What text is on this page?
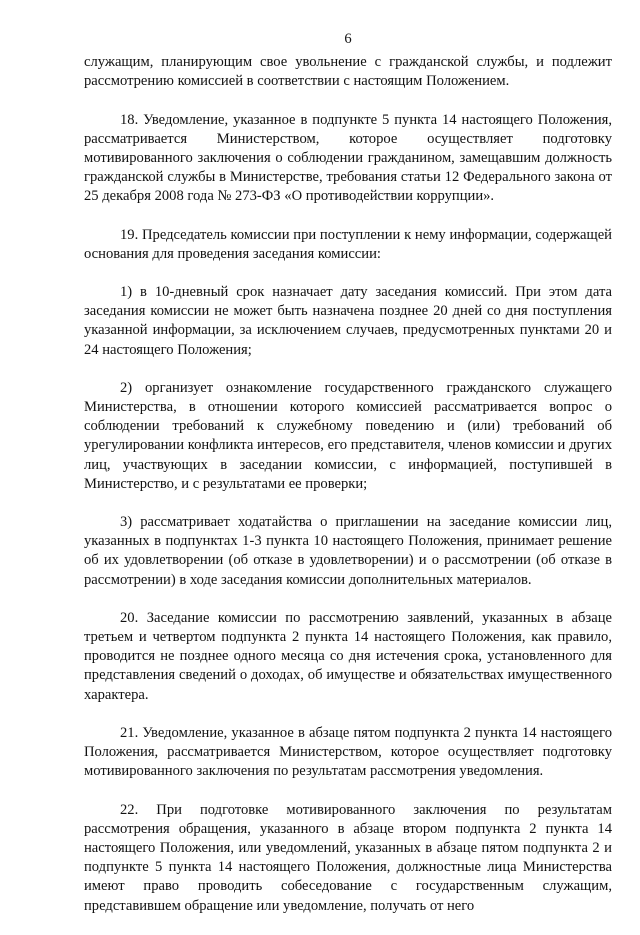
6

служащим, планирующим свое увольнение с гражданской службы, и подлежит рассмотрению комиссией в соответствии с настоящим Положением.

18. Уведомление, указанное в подпункте 5 пункта 14 настоящего Положения, рассматривается Министерством, которое осуществляет подготовку мотивированного заключения о соблюдении гражданином, замещавшим должность гражданской службы в Министерстве, требования статьи 12 Федерального закона от 25 декабря 2008 года № 273-ФЗ «О противодействии коррупции».

19. Председатель комиссии при поступлении к нему информации, содержащей основания для проведения заседания комиссии:

1) в 10-дневный срок назначает дату заседания комиссий. При этом дата заседания комиссии не может быть назначена позднее 20 дней со дня поступления указанной информации, за исключением случаев, предусмотренных пунктами 20 и 24 настоящего Положения;

2) организует ознакомление государственного гражданского служащего Министерства, в отношении которого комиссией рассматривается вопрос о соблюдении требований к служебному поведению и (или) требований об урегулировании конфликта интересов, его представителя, членов комиссии и других лиц, участвующих в заседании комиссии, с информацией, поступившей в Министерство, и с результатами ее проверки;

3) рассматривает ходатайства о приглашении на заседание комиссии лиц, указанных в подпунктах 1-3 пункта 10 настоящего Положения, принимает решение об их удовлетворении (об отказе в удовлетворении) и о рассмотрении (об отказе в рассмотрении) в ходе заседания комиссии дополнительных материалов.

20. Заседание комиссии по рассмотрению заявлений, указанных в абзаце третьем и четвертом подпункта 2 пункта 14 настоящего Положения, как правило, проводится не позднее одного месяца со дня истечения срока, установленного для представления сведений о доходах, об имуществе и обязательствах имущественного характера.

21. Уведомление, указанное в абзаце пятом подпункта 2 пункта 14 настоящего Положения, рассматривается Министерством, которое осуществляет подготовку мотивированного заключения по результатам рассмотрения уведомления.

22. При подготовке мотивированного заключения по результатам рассмотрения обращения, указанного в абзаце втором подпункта 2 пункта 14 настоящего Положения, или уведомлений, указанных в абзаце пятом подпункта 2 и подпункте 5 пункта 14 настоящего Положения, должностные лица Министерства имеют право проводить собеседование с государственным служащим, представившем обращение или уведомление, получать от него
